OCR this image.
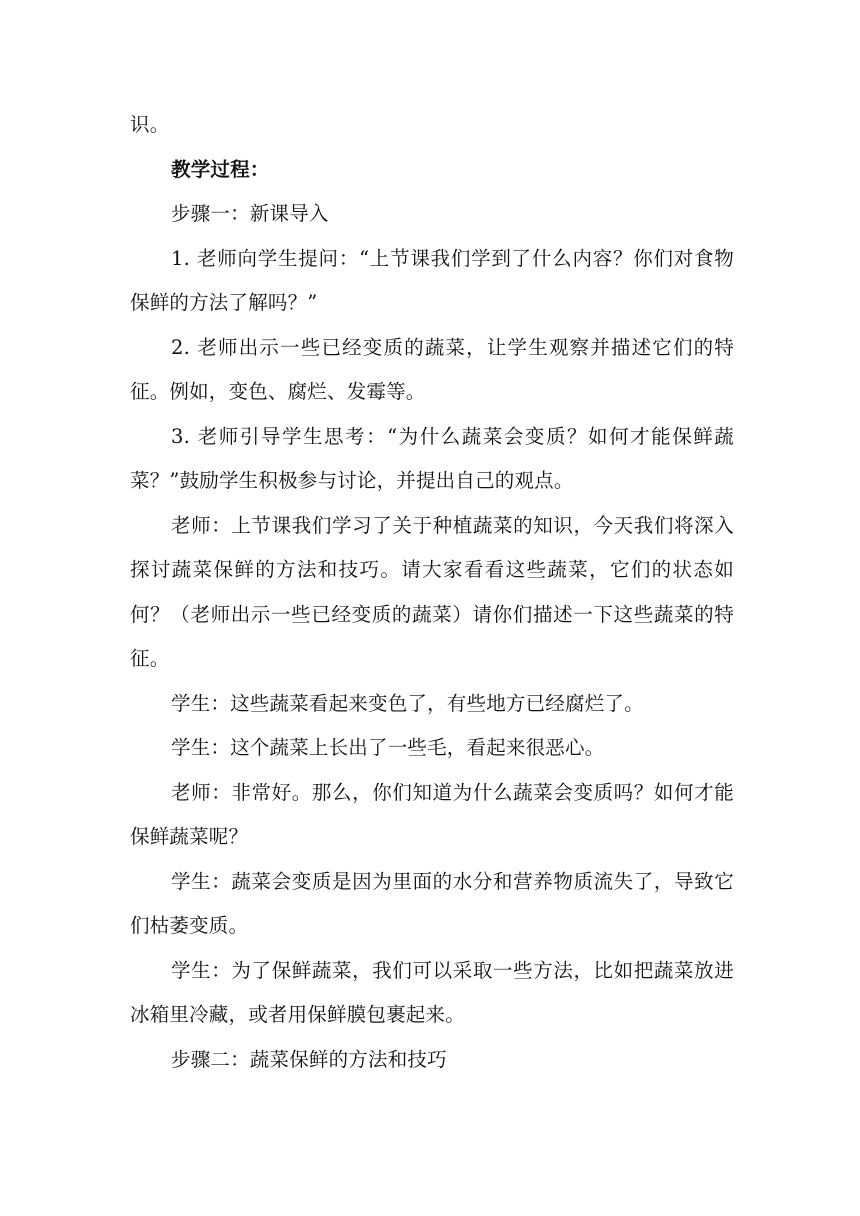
识。

教学过程：

步骤一：新课导入

1. 老师向学生提问：“上节课我们学到了什么内容？你们对食物保鲜的方法了解吗？”

2. 老师出示一些已经变质的蔬菜，让学生观察并描述它们的特征。例如，变色、腐烂、发霉等。

3. 老师引导学生思考：“为什么蔬菜会变质？如何才能保鲜蔬菜？”鼓励学生积极参与讨论，并提出自己的观点。

老师：上节课我们学习了关于种植蔬菜的知识，今天我们将深入探讨蔬菜保鲜的方法和技巧。请大家看看这些蔬菜，它们的状态如何？（老师出示一些已经变质的蔬菜）请你们描述一下这些蔬菜的特征。

学生：这些蔬菜看起来变色了，有些地方已经腐烂了。

学生：这个蔬菜上长出了一些毛，看起来很恶心。

老师：非常好。那么，你们知道为什么蔬菜会变质吗？如何才能保鲜蔬菜呢？

学生：蔬菜会变质是因为里面的水分和营养物质流失了，导致它们枯萎变质。

学生：为了保鲜蔬菜，我们可以采取一些方法，比如把蔬菜放进冰箱里冷藏，或者用保鲜膜包裹起来。

步骤二：蔬菜保鲜的方法和技巧
